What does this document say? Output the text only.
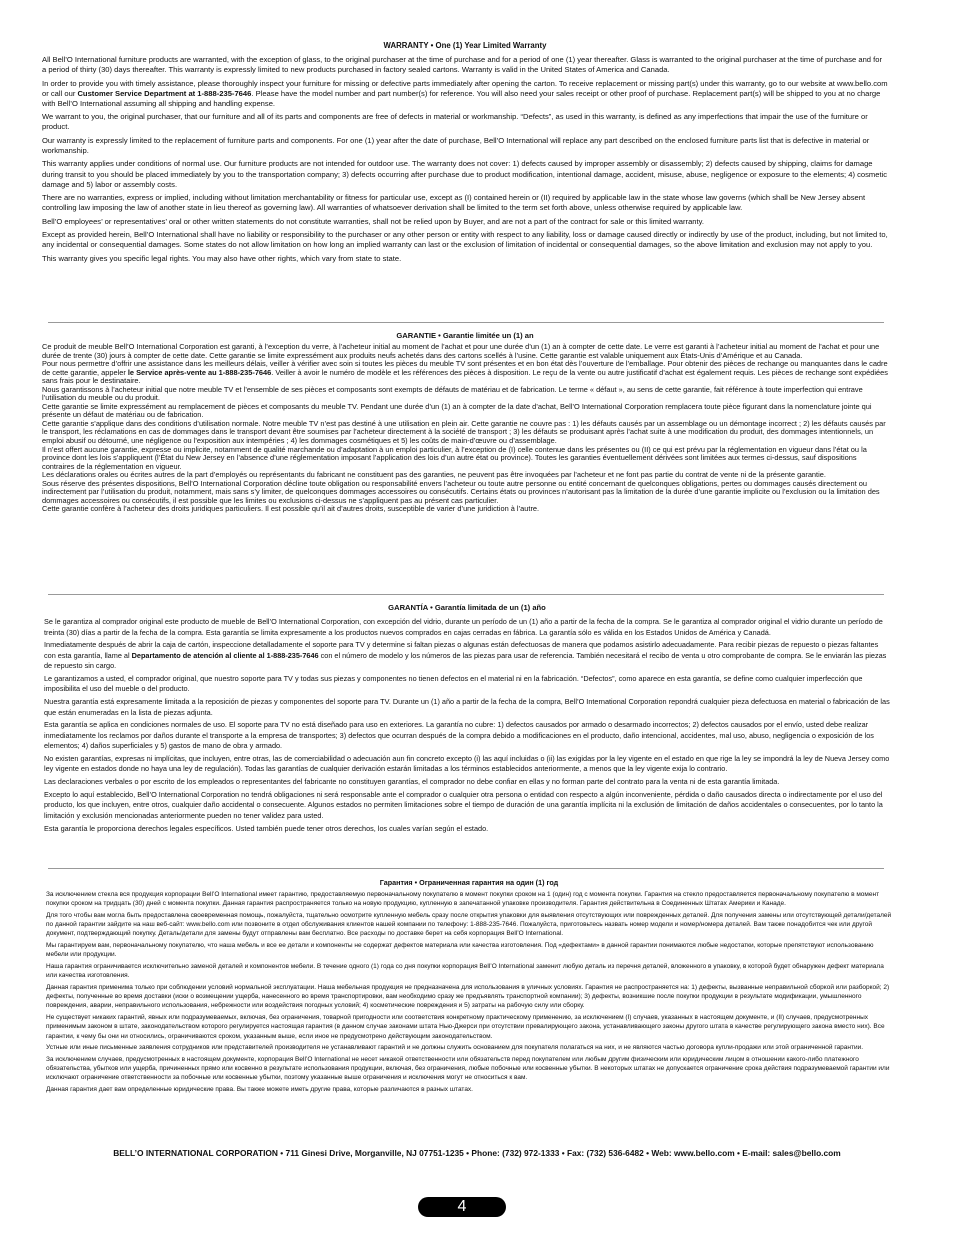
WARRANTY • One (1) Year Limited Warranty

All Bell’O International furniture products are warranted, with the exception of glass, to the original purchaser at the time of purchase and for a period of one (1) year thereafter. Glass is warranted to the original purchaser at the time of purchase and for a period of thirty (30) days thereafter. This warranty is expressly limited to new products purchased in factory sealed cartons. Warranty is valid in the United States of America and Canada.

In order to provide you with timely assistance, please thoroughly inspect your furniture for missing or defective parts immediately after opening the carton. To receive replacement or missing part(s) under this warranty, go to our website at www.bello.com or call our Customer Service Department at 1-888-235-7646. Please have the model number and part number(s) for reference. You will also need your sales receipt or other proof of purchase. Replacement part(s) will be shipped to you at no charge with Bell’O International assuming all shipping and handling expense.

We warrant to you, the original purchaser, that our furniture and all of its parts and components are free of defects in material or workmanship. “Defects”, as used in this warranty, is defined as any imperfections that impair the use of the furniture or product.

Our warranty is expressly limited to the replacement of furniture parts and components. For one (1) year after the date of purchase, Bell’O International will replace any part described on the enclosed furniture parts list that is defective in material or workmanship.

This warranty applies under conditions of normal use. Our furniture products are not intended for outdoor use. The warranty does not cover: 1) defects caused by improper assembly or disassembly; 2) defects caused by shipping, claims for damage during transit to you should be placed immediately by you to the transportation company; 3) defects occurring after purchase due to product modification, intentional damage, accident, misuse, abuse, negligence or exposure to the elements; 4) cosmetic damage and 5) labor or assembly costs.

There are no warranties, express or implied, including without limitation merchantability or fitness for particular use, except as (I) contained herein or (II) required by applicable law in the state whose law governs (which shall be New Jersey absent controlling law imposing the law of another state in lieu thereof as governing law). All warranties of whatsoever derivation shall be limited to the term set forth above, unless otherwise required by applicable law.

Bell’O employees’ or representatives’ oral or other written statements do not constitute warranties, shall not be relied upon by Buyer, and are not a part of the contract for sale or this limited warranty.

Except as provided herein, Bell’O International shall have no liability or responsibility to the purchaser or any other person or entity with respect to any liability, loss or damage caused directly or indirectly by use of the product, including, but not limited to, any incidental or consequential damages. Some states do not allow limitation on how long an implied warranty can last or the exclusion of limitation of incidental or consequential damages, so the above limitation and exclusion may not apply to you.

This warranty gives you specific legal rights. You may also have other rights, which vary from state to state.

GARANTIE • Garantie limitée un (1) an

Ce produit de meuble Bell’O International Corporation est garanti, à l’exception du verre, à l’acheteur initial au moment de l’achat et pour une durée d’un (1) an à compter de cette date. Le verre est garanti à l’acheteur initial au moment de l’achat et pour une durée de trente (30) jours à compter de cette date. Cette garantie se limite expressément aux produits neufs achetés dans des cartons scellés à l’usine. Cette garantie est valable uniquement aux États-Unis d’Amérique et au Canada.

Pour nous permettre d’offrir une assistance dans les meilleurs délais, veiller à vérifier avec soin si toutes les pièces du meuble TV sont présentes et en bon état dès l’ouverture de l’emballage. Pour obtenir des pièces de rechange ou manquantes dans le cadre de cette garantie, appeler le Service après-vente au 1-888-235-7646. Veiller à avoir le numéro de modèle et les références des pièces à disposition. Le reçu de la vente ou autre justificatif d’achat est également requis. Les pièces de rechange sont expédiées sans frais pour le destinataire.

Nous garantissons à l’acheteur initial que notre meuble TV et l’ensemble de ses pièces et composants sont exempts de défauts de matériau et de fabrication. Le terme « défaut », au sens de cette garantie, fait référence à toute imperfection qui entrave l’utilisation du meuble ou du produit.

Cette garantie se limite expressément au remplacement de pièces et composants du meuble TV. Pendant une durée d’un (1) an à compter de la date d’achat, Bell’O International Corporation remplacera toute pièce figurant dans la nomenclature jointe qui présente un défaut de matériau ou de fabrication.

Cette garantie s’applique dans des conditions d’utilisation normale. Notre meuble TV n’est pas destiné à une utilisation en plein air. Cette garantie ne couvre pas : 1) les défauts causés par un assemblage ou un démontage incorrect ; 2) les défauts causés par le transport, les réclamations en cas de dommages dans le transport devant être soumises par l’acheteur directement à la société de transport ; 3) les défauts se produisant après l’achat suite à une modification du produit, des dommages intentionnels, un emploi abusif ou détourné, une négligence ou l’exposition aux intempéries ; 4) les dommages cosmétiques et 5) les coûts de main-d’œuvre ou d’assemblage.

Il n’est offert aucune garantie, expresse ou implicite, notamment de qualité marchande ou d’adaptation à un emploi particulier, à l’exception de (I) celle contenue dans les présentes ou (II) ce qui est prévu par la réglementation en vigueur dans l’état ou la province dont les lois s’appliquent (l’État du New Jersey en l’absence d’une réglementation imposant l’application des lois d’un autre état ou province). Toutes les garanties éventuellement dérivées sont limitées aux termes ci-dessus, sauf dispositions contraires de la réglementation en vigueur.

Les déclarations orales ou écrites autres de la part d’employés ou représentants du fabricant ne constituent pas des garanties, ne peuvent pas être invoquées par l’acheteur et ne font pas partie du contrat de vente ni de la présente garantie.

Sous réserve des présentes dispositions, Bell’O International Corporation décline toute obligation ou responsabilité envers l’acheteur ou toute autre personne ou entité concernant de quelconques obligations, pertes ou dommages causés directement ou indirectement par l’utilisation du produit, notamment, mais sans s’y limiter, de quelconques dommages accessoires ou consécutifs. Certains états ou provinces n’autorisant pas la limitation de la durée d’une garantie implicite ou l’exclusion ou la limitation des dommages accessoires ou consécutifs, il est possible que les limites ou exclusions ci-dessus ne s’appliquent pas au présent cas particulier.

Cette garantie confère à l’acheteur des droits juridiques particuliers. Il est possible qu’il ait d’autres droits, susceptible de varier d’une juridiction à l’autre.

GARANTÍA • Garantía limitada de un (1) año

Se le garantiza al comprador original este producto de mueble de Bell’O International Corporation, con excepción del vidrio, durante un período de un (1) año a partir de la fecha de la compra. Se le garantiza al comprador original el vidrio durante un período de treinta (30) días a partir de la fecha de la compra. Esta garantía se limita expresamente a los productos nuevos comprados en cajas cerradas en fábrica. La garantía sólo es válida en los Estados Unidos de América y Canadá.

Inmediatamente después de abrir la caja de cartón, inspeccione detalladamente el soporte para TV y determine si faltan piezas o algunas están defectuosas de manera que podamos asistirlo adecuadamente. Para recibir piezas de repuesto o piezas faltantes con esta garantía, llame al Departamento de atención al cliente al 1-888-235-7646 con el número de modelo y los números de las piezas para usar de referencia. También necesitará el recibo de venta u otro comprobante de compra. Se le enviarán las piezas de repuesto sin cargo.

Le garantizamos a usted, el comprador original, que nuestro soporte para TV y todas sus piezas y componentes no tienen defectos en el material ni en la fabricación. “Defectos”, como aparece en esta garantía, se define como cualquier imperfección que imposibilita el uso del mueble o del producto.

Nuestra garantía está expresamente limitada a la reposición de piezas y componentes del soporte para TV. Durante un (1) año a partir de la fecha de la compra, Bell’O International Corporation repondrá cualquier pieza defectuosa en material o fabricación de las que están enumeradas en la lista de piezas adjunta.

Esta garantía se aplica en condiciones normales de uso. El soporte para TV no está diseñado para uso en exteriores. La garantía no cubre: 1) defectos causados por armado o desarmado incorrectos; 2) defectos causados por el envío, usted debe realizar inmediatamente los reclamos por daños durante el transporte a la empresa de transportes; 3) defectos que ocurran después de la compra debido a modificaciones en el producto, daño intencional, accidentes, mal uso, abuso, negligencia o exposición de los elementos; 4) daños superficiales y 5) gastos de mano de obra y armado.

No existen garantías, expresas ni implícitas, que incluyen, entre otras, las de comerciabilidad o adecuación aun fin concreto excepto (i) las aquí incluidas o (ii) las exigidas por la ley vigente en el estado en que rige la ley se impondrá la ley de Nueva Jersey como ley vigente en estados donde no haya una ley de regulación). Todas las garantías de cualquier derivación estarán limitadas a los términos establecidos anteriormente, a menos que la ley vigente exija lo contrario.

Las declaraciones verbales o por escrito de los empleados o representantes del fabricante no constituyen garantías, el comprador no debe confiar en ellas y no forman parte del contrato para la venta ni de esta garantía limitada.

Excepto lo aquí establecido, Bell’O International Corporation no tendrá obligaciones ni será responsable ante el comprador o cualquier otra persona o entidad con respecto a algún inconveniente, pérdida o daño causados directa o indirectamente por el uso del producto, los que incluyen, entre otros, cualquier daño accidental o consecuente. Algunos estados no permiten limitaciones sobre el tiempo de duración de una garantía implícita ni la exclusión de limitación de daños accidentales o consecuentes, por lo tanto la limitación y exclusión mencionadas anteriormente pueden no tener validez para usted.

Esta garantía le proporciona derechos legales específicos. Usted también puede tener otros derechos, los cuales varían según el estado.

Гарантия • Ограниченная гарантия на один (1) год

За исключением стекла вся продукция корпорации Bell’O International имеет гарантию, предоставляемую первоначальному покупателю в момент покупки сроком на 1 (один) год с момента покупки. Гарантия на стекло предоставляется первоначальному покупателю в момент покупки сроком на тридцать (30) дней с момента покупки. Данная гарантия распространяется только на новую продукцию, купленную в запечатанной упаковке производителя. Гарантия действительна в Соединенных Штатах Америки и Канаде.

Для того чтобы вам могла быть предоставлена своевременная помощь, пожалуйста, тщательно осмотрите купленную мебель сразу после открытия упаковки для выявления отсутствующих или поврежденных деталей. Для получения замены или отсутствующей детали/деталей по данной гарантии зайдите на наш веб-сайт: www.bello.com или позвоните в отдел обслуживания клиентов нашей компании по телефону: 1-888-235-7646. Пожалуйста, приготовьтесь назвать номер модели и номер/номера деталей. Вам также понадобится чек или другой документ, подтверждающий покупку. Деталь/детали для замены будут отправлены вам бесплатно. Все расходы по доставке берет на себя корпорация Bell’O International.

Мы гарантируем вам, первоначальному покупателю, что наша мебель и все ее детали и компоненты не содержат дефектов материала или качества изготовления. Под «дефектами» в данной гарантии понимаются любые недостатки, которые препятствуют использованию мебели или продукции.

Наша гарантия ограничивается исключительно заменой деталей и компонентов мебели. В течение одного (1) года со дня покупки корпорация Bell’O International заменит любую деталь из перечня деталей, вложенного в упаковку, в которой будет обнаружен дефект материала или качества изготовления.

Данная гарантия применима только при соблюдении условий нормальной эксплуатации. Наша мебельная продукция не предназначена для использования в уличных условиях. Гарантия не распространяется на: 1) дефекты, вызванные неправильной сборкой или разборкой; 2) дефекты, полученные во время доставки (иски о возмещении ущерба, нанесенного во время транспортировки, вам необходимо сразу же предъявлять транспортной компании); 3) дефекты, возникшие после покупки продукции в результате модификации, умышленного повреждения, аварии, неправильного использования, небрежности или воздействия погодных условий; 4) косметические повреждения и 5) затраты на рабочую силу или сборку.

Не существует никаких гарантий, явных или подразумеваемых, включая, без ограничения, товарной пригодности или соответствия конкретному практическому применению, за исключением (I) случаев, указанных в настоящем документе, и (II) случаев, предусмотренных применимым законом в штате, законодательством которого регулируется настоящая гарантия (в данном случае законами штата Нью-Джерси при отсутствии превалирующего закона, устанавливающего законы другого штата в качестве регулирующего закона вместо них). Все гарантии, к чему бы они ни относились, ограничиваются сроком, указанным выше, если иное не предусмотрено действующим законодательством.

Устные или иные письменные заявления сотрудников или представителей производителя не устанавливают гарантий и не должны служить основанием для покупателя полагаться на них, и не являются частью договора купли-продажи или этой ограниченной гарантии.

За исключением случаев, предусмотренных в настоящем документе, корпорация Bell’O International не несет никакой ответственности или обязательств перед покупателем или любым другим физическим или юридическим лицом в отношении какого-либо платежного обязательства, убытков или ущерба, причиненных прямо или косвенно в результате использования продукции, включая, без ограничения, любые побочные или косвенные убытки. В некоторых штатах не допускается ограничение срока действия подразумеваемой гарантии или исключают ограничение ответственности за побочные или косвенные убытки, поэтому указанные выше ограничения и исключения могут не относиться к вам.

Данная гарантия дает вам определенные юридические права. Вы также можете иметь другие права, которые различаются в разных штатах.

BELL’O INTERNATIONAL CORPORATION • 711 Ginesi Drive, Morganville, NJ 07751-1235 • Phone: (732) 972-1333 • Fax: (732) 536-6482 • Web: www.bello.com • E-mail: sales@bello.com
4
